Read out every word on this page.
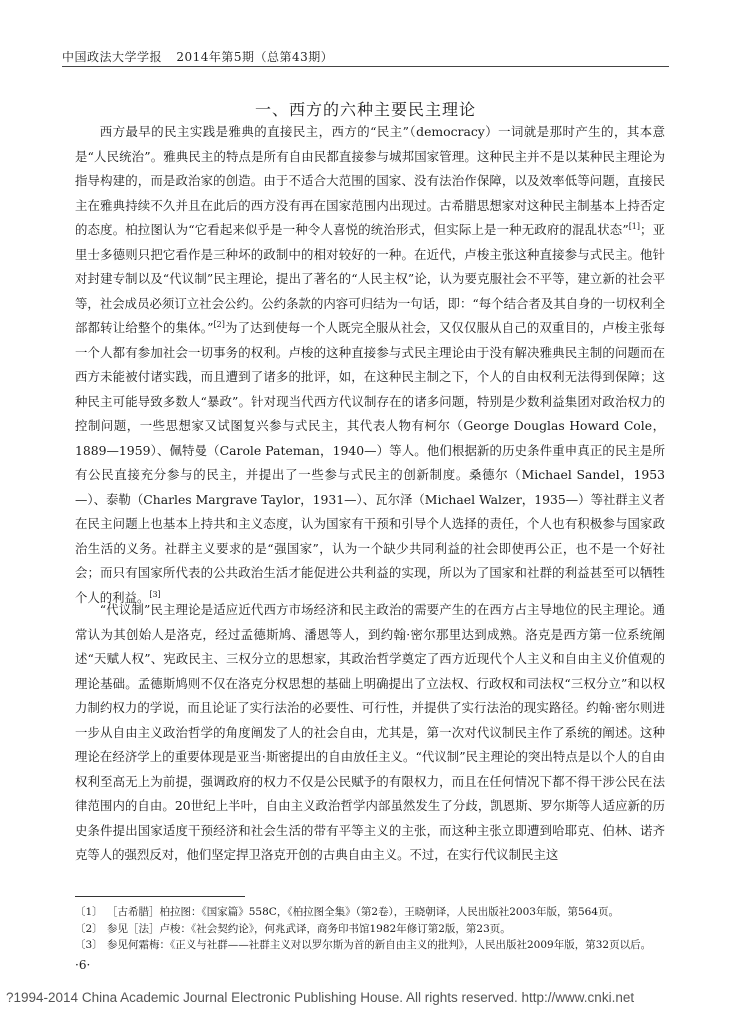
中国政法大学学报 2014年第5期（总第43期）
一、西方的六种主要民主理论

西方最早的民主实践是雅典的直接民主，西方的“民主”（democracy）一词就是那时产生的，其本意是“人民统治”。雅典民主的特点是所有自由民都直接参与城邦国家管理。这种民主并不是以某种民主理论为指导构建的，而是政治家的创造。由于不适合大范围的国家、没有法治作保障，以及效率低等问题，直接民主在雅典持续不久并且在此后的西方没有再在国家范围内出现过。古希腊思想家对这种民主制基本上持否定的态度。柏拉图认为“它看起来似乎是一种令人喜悦的统治形式，但实际上是一种无政府的混乱状态”[1]；亚里士多德则只把它看作是三种坏的政制中的相对较好的一种。在近代，卢梭主张这种直接参与式民主。他针对封建专制以及“代议制”民主理论，提出了著名的“人民主权”论，认为要克服社会不平等，建立新的社会平等，社会成员必须订立社会公约。公约条款的内容可归结为一句话，即：“每个结合者及其自身的一切权利全部都转让给整个的集体。”[2]为了达到使每一个人既完全服从社会，又仅仅服从自己的双重目的，卢梭主张每一个人都有参加社会一切事务的权利。卢梭的这种直接参与式民主理论由于没有解决雅典民主制的问题而在西方未能被付诸实践，而且遭到了诸多的批评，如，在这种民主制之下，个人的自由权利无法得到保障；这种民主可能导致多数人“暴政”。针对现当代西方代议制存在的诸多问题，特别是少数利益集团对政治权力的控制问题，一些思想家又试图复兴参与式民主，其代表人物有柯尔（George Douglas Howard Cole，1889—1959）、佩特曼（Carole Pateman，1940—）等人。他们根据新的历史条件重申真正的民主是所有公民直接充分参与的民主，并提出了一些参与式民主的创新制度。桑德尔（Michael Sandel，1953—）、泰勒（Charles Margrave Taylor，1931—）、瓦尔泽（Michael Walzer，1935—）等社群主义者在民主问题上也基本上持共和主义态度，认为国家有干预和引导个人选择的责任，个人也有积极参与国家政治生活的义务。社群主义要求的是“强国家”，认为一个缺少共同利益的社会即使再公正，也不是一个好社会；而只有国家所代表的公共政治生活才能促进公共利益的实现，所以为了国家和社群的利益甚至可以牺牲个人的利益。[3]

“代议制”民主理论是适应近代西方市场经济和民主政治的需要产生的在西方占主导地位的民主理论。通常认为其创始人是洛克，经过孟德斯鸠、潘恩等人，到约翰·密尔那里达到成熟。洛克是西方第一位系统阐述“天赋人权”、宪政民主、三权分立的思想家，其政治哲学奠定了西方近现代个人主义和自由主义价值观的理论基础。孟德斯鸠则不仅在洛克分权思想的基础上明确提出了立法权、行政权和司法权“三权分立”和以权力制约权力的学说，而且论证了实行法治的必要性、可行性，并提供了实行法治的现实路径。约翰·密尔则进一步从自由主义政治哲学的角度阐发了人的社会自由，尤其是，第一次对代议制民主作了系统的阐述。这种理论在经济学上的重要体现是亚当·斯密提出的自由放任主义。“代议制”民主理论的突出特点是以个人的自由权利至高无上为前提，强调政府的权力不仅是公民赋予的有限权力，而且在任何情况下都不得干涉公民在法律范围内的自由。20世纪上半叶，自由主义政治哲学内部虽然发生了分歧，凯恩斯、罗尔斯等人适应新的历史条件提出国家适度干预经济和社会生活的带有平等主义的主张，而这种主张立即遭到哈耶克、伯林、诺齐克等人的强烈反对，他们坚定捍卫洛克开创的古典自由主义。不过，在实行代议制民主这

〔1〕 ［古希腊］柏拉图：《国家篇》558C，《柏拉图全集》（第2卷），王晓朝译，人民出版社2003年版，第564页。
〔2〕 参见［法］卢梭：《社会契约论》，何兆武译，商务印书馆1982年修订第2版，第23页。
〔3〕 参见何霜梅：《正义与社群——社群主义对以罗尔斯为首的新自由主义的批判》，人民出版社2009年版，第32页以后。
·6·
?1994-2014 China Academic Journal Electronic Publishing House. All rights reserved. http://www.cnki.net
